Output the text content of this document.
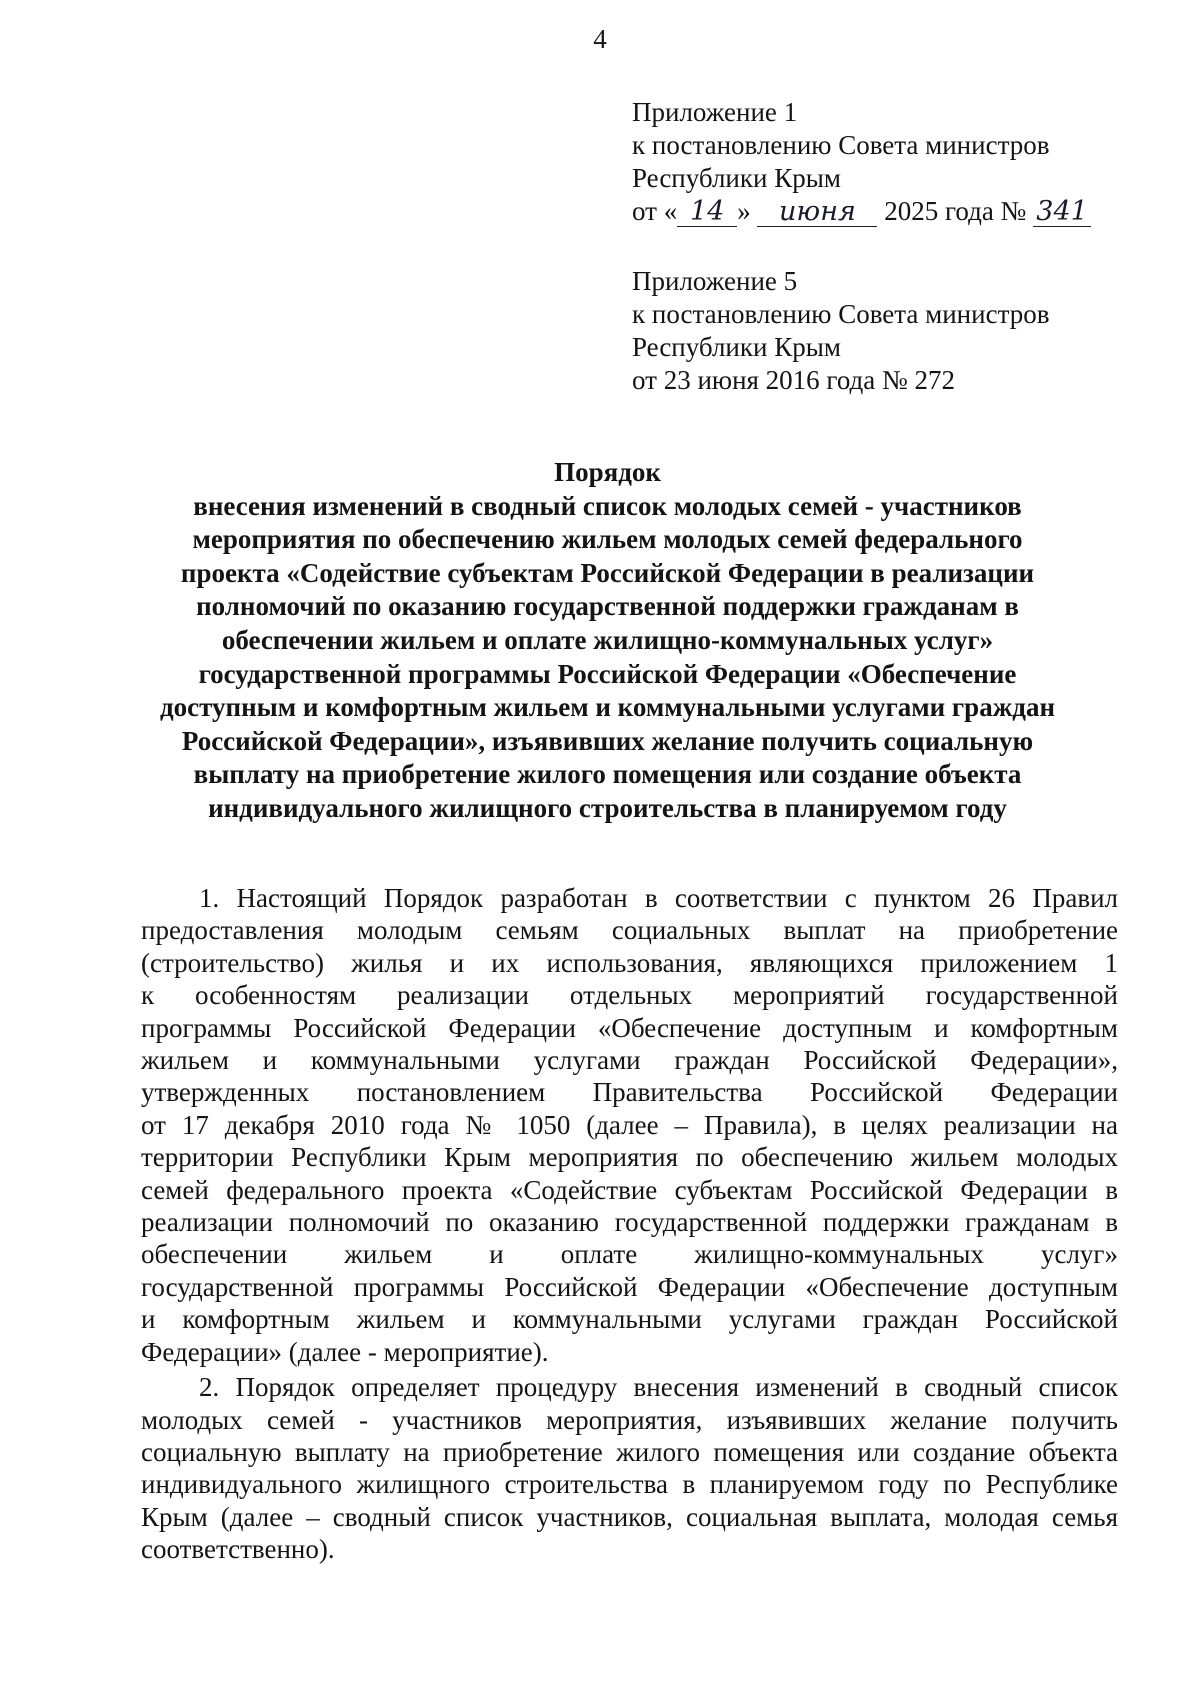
4
Приложение 1
к постановлению Совета министров
Республики Крым
от « 14 » июня 2025 года № 341
Приложение 5
к постановлению Совета министров
Республики Крым
от 23 июня 2016 года № 272
Порядок
внесения изменений в сводный список молодых семей - участников
мероприятия по обеспечению жильем молодых семей федерального
проекта «Содействие субъектам Российской Федерации в реализации
полномочий по оказанию государственной поддержки гражданам в
обеспечении жильем и оплате жилищно-коммунальных услуг»
государственной программы Российской Федерации «Обеспечение
доступным и комфортным жильем и коммунальными услугами граждан
Российской Федерации», изъявивших желание получить социальную
выплату на приобретение жилого помещения или создание объекта
индивидуального жилищного строительства в планируемом году
1. Настоящий Порядок разработан в соответствии с пунктом 26 Правил
предоставления молодым семьям социальных выплат на приобретение
(строительство) жилья и их использования, являющихся приложением 1
к особенностям реализации отдельных мероприятий государственной
программы Российской Федерации «Обеспечение доступным и комфортным
жильем и коммунальными услугами граждан Российской Федерации»,
утвержденных постановлением Правительства Российской Федерации
от 17 декабря 2010 года № 1050 (далее – Правила), в целях реализации на
территории Республики Крым мероприятия по обеспечению жильем молодых
семей федерального проекта «Содействие субъектам Российской Федерации в
реализации полномочий по оказанию государственной поддержки гражданам в
обеспечении жильем и оплате жилищно-коммунальных услуг»
государственной программы Российской Федерации «Обеспечение доступным
и комфортным жильем и коммунальными услугами граждан Российской
Федерации» (далее - мероприятие).
2. Порядок определяет процедуру внесения изменений в сводный список
молодых семей - участников мероприятия, изъявивших желание получить
социальную выплату на приобретение жилого помещения или создание объекта
индивидуального жилищного строительства в планируемом году по Республике
Крым (далее – сводный список участников, социальная выплата, молодая семья
соответственно).
